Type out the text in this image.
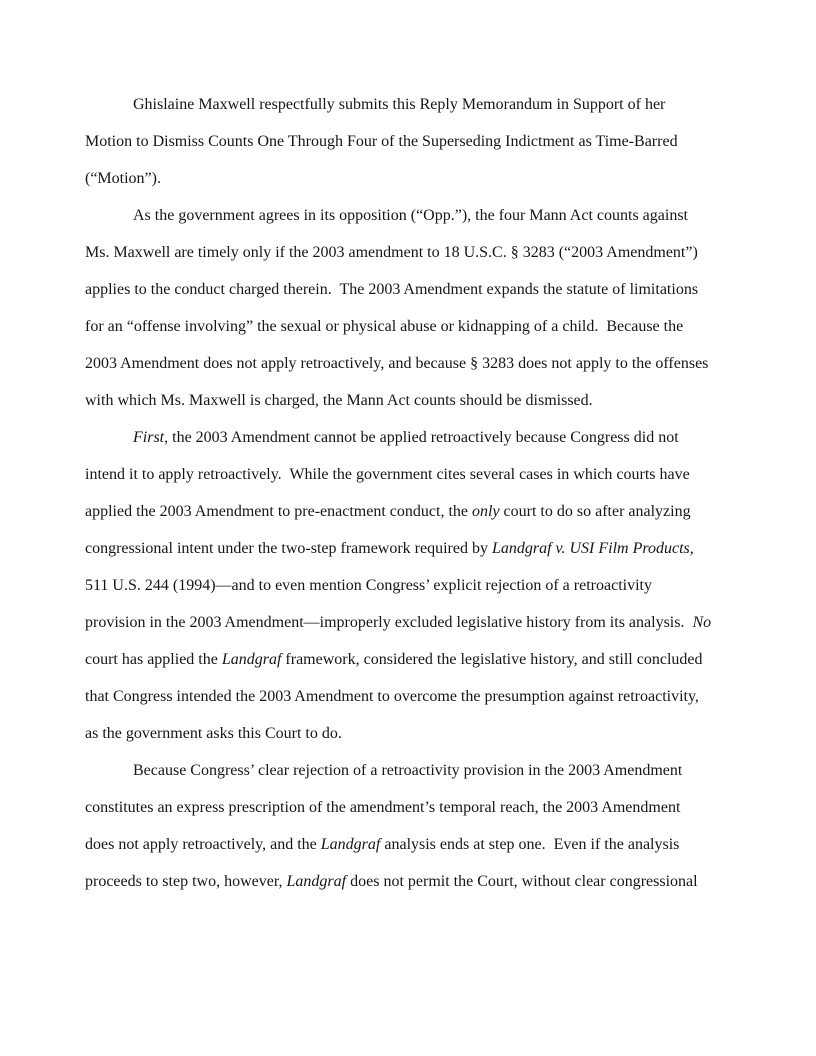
Ghislaine Maxwell respectfully submits this Reply Memorandum in Support of her Motion to Dismiss Counts One Through Four of the Superseding Indictment as Time-Barred (“Motion”).

As the government agrees in its opposition (“Opp.”), the four Mann Act counts against Ms. Maxwell are timely only if the 2003 amendment to 18 U.S.C. § 3283 (“2003 Amendment”) applies to the conduct charged therein.  The 2003 Amendment expands the statute of limitations for an “offense involving” the sexual or physical abuse or kidnapping of a child.  Because the 2003 Amendment does not apply retroactively, and because § 3283 does not apply to the offenses with which Ms. Maxwell is charged, the Mann Act counts should be dismissed.

First, the 2003 Amendment cannot be applied retroactively because Congress did not intend it to apply retroactively.  While the government cites several cases in which courts have applied the 2003 Amendment to pre-enactment conduct, the only court to do so after analyzing congressional intent under the two-step framework required by Landgraf v. USI Film Products, 511 U.S. 244 (1994)—and to even mention Congress’ explicit rejection of a retroactivity provision in the 2003 Amendment—improperly excluded legislative history from its analysis.  No court has applied the Landgraf framework, considered the legislative history, and still concluded that Congress intended the 2003 Amendment to overcome the presumption against retroactivity, as the government asks this Court to do.

Because Congress’ clear rejection of a retroactivity provision in the 2003 Amendment constitutes an express prescription of the amendment’s temporal reach, the 2003 Amendment does not apply retroactively, and the Landgraf analysis ends at step one.  Even if the analysis proceeds to step two, however, Landgraf does not permit the Court, without clear congressional
